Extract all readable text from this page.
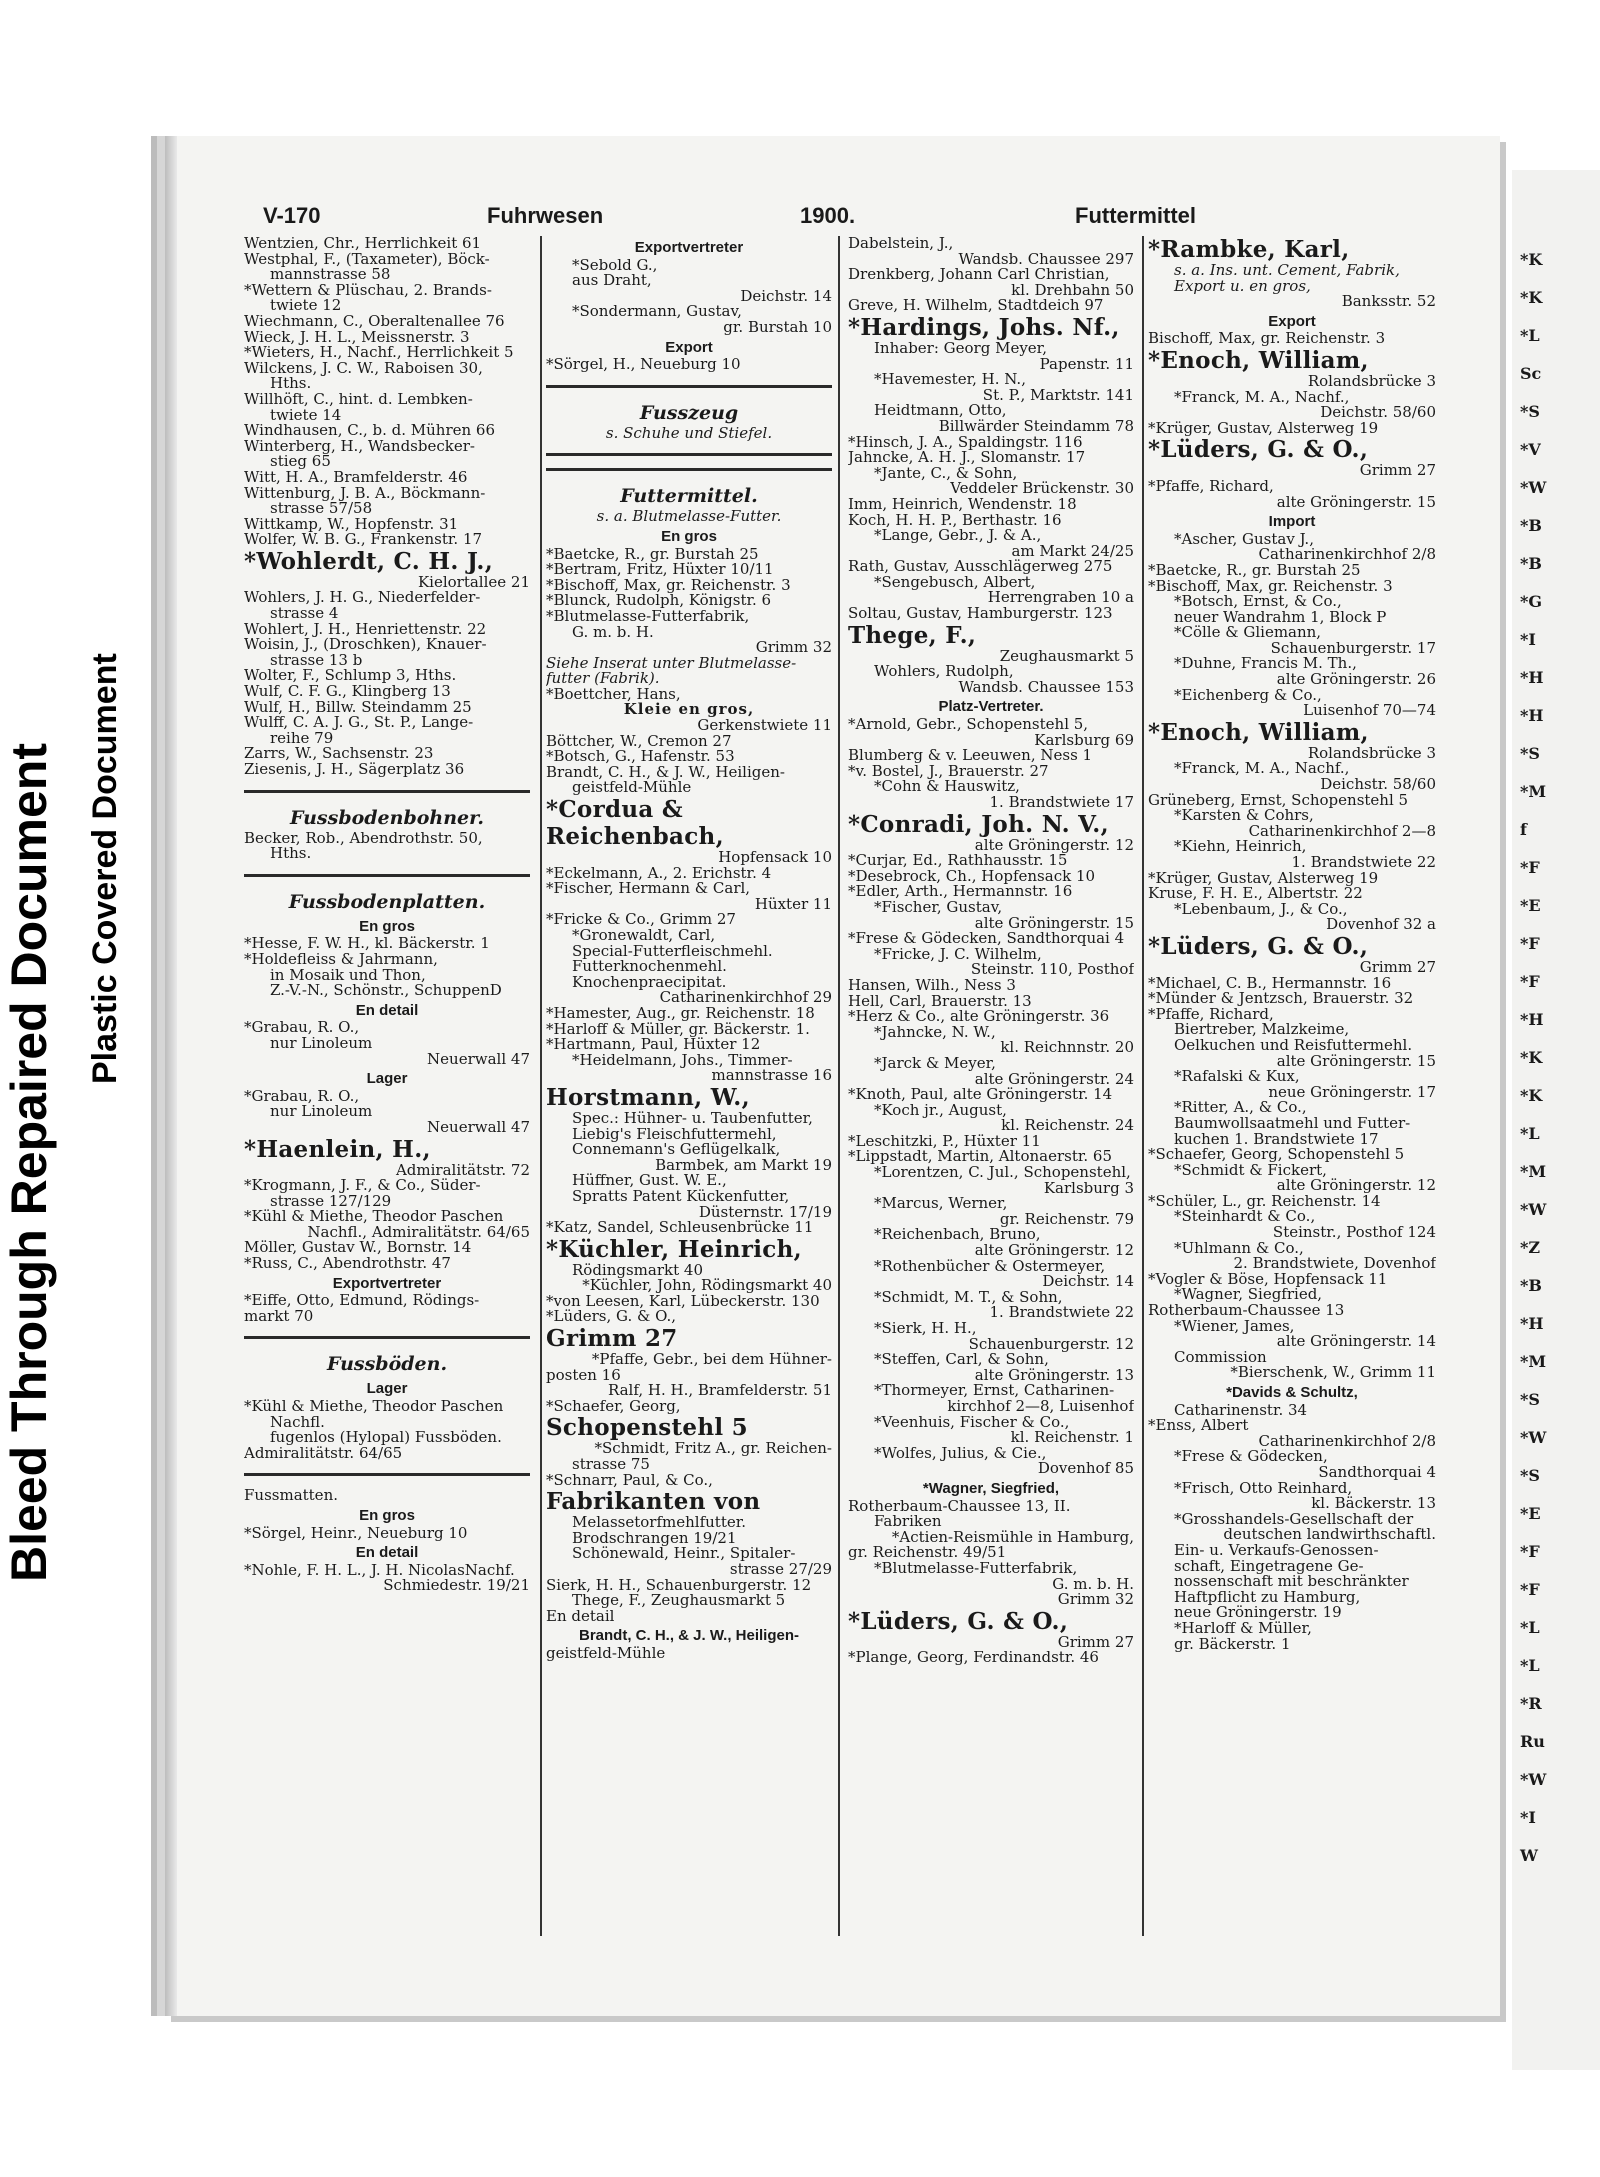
Bleed Through Repaired Document Plastic Covered Document
*K
*K
*L
Sc
*S
*V
*W
*B
*B
*G
*I
*H
*H
*S
*M
f
*F
*E
*F
*F
*H
*K
*K
*L
*M
*W
*Z
*B
*H
*M
*S
*W
*S
*E
*F
*F
*L
*L
*R
Ru
*W
*I
W
V-170	Fuhrwesen	1900.	Futtermittel
Wentzien, Chr., Herrlichkeit 61
Westphal, F., (Taxameter), Böck-
mannstrasse 58
*Wettern & Plüschau, 2. Brands-
twiete 12
Wiechmann, C., Oberaltenallee 76
Wieck, J. H. L., Meissnerstr. 3
*Wieters, H., Nachf., Herrlichkeit 5
Wilckens, J. C. W., Raboisen 30,
Hths.
Willhöft, C., hint. d. Lembken-
twiete 14
Windhausen, C., b. d. Mühren 66
Winterberg, H., Wandsbecker-
stieg 65
Witt, H. A., Bramfelderstr. 46
Wittenburg, J. B. A., Böckmann-
strasse 57/58
Wittkamp, W., Hopfenstr. 31
Wolfer, W. B. G., Frankenstr. 17
*Wohlerdt, C. H. J.,
Kielortallee 21
Wohlers, J. H. G., Niederfelder-
strasse 4
Wohlert, J. H., Henriettenstr. 22
Woisin, J., (Droschken), Knauer-
strasse 13 b
Wolter, F., Schlump 3, Hths.
Wulf, C. F. G., Klingberg 13
Wulf, H., Billw. Steindamm 25
Wulff, C. A. J. G., St. P., Lange-
reihe 79
Zarrs, W., Sachsenstr. 23
Ziesenis, J. H., Sägerplatz 36
Fussbodenbohner.
Becker, Rob., Abendrothstr. 50,
Hths.
Fussbodenplatten.
En gros
*Hesse, F. W. H., kl. Bäckerstr. 1
*Holdefleiss & Jahrmann,
in Mosaik und Thon,
Z.-V.-N., Schönstr., SchuppenD
En detail
*Grabau, R. O.,
nur Linoleum
Neuerwall 47
Lager
*Grabau, R. O.,
nur Linoleum
Neuerwall 47
*Haenlein, H.,
Admiralitätstr. 72
*Krogmann, J. F., & Co., Süder-
strasse 127/129
*Kühl & Miethe, Theodor Paschen
Nachfl., Admiralitätstr. 64/65
Möller, Gustav W., Bornstr. 14
*Russ, C., Abendrothstr. 47
Exportvertreter
*Eiffe, Otto, Edmund, Rödings-
markt 70
Fussböden.
Lager
*Kühl & Miethe, Theodor Paschen
Nachfl.
fugenlos (Hylopal) Fussböden.
Admiralitätstr. 64/65
Fussmatten.
En gros
*Sörgel, Heinr., Neueburg 10
En detail
*Nohle, F. H. L., J. H. NicolasNachf.
Schmiedestr. 19/21
Exportvertreter
*Sebold G.,
aus Draht,
Deichstr. 14
*Sondermann, Gustav,
gr. Burstah 10
Export
*Sörgel, H., Neueburg 10
Fusszeug
s. Schuhe und Stiefel.
Futtermittel.
s. a. Blutmelasse-Futter.
En gros
*Baetcke, R., gr. Burstah 25
*Bertram, Fritz, Hüxter 10/11
*Bischoff, Max, gr. Reichenstr. 3
*Blunck, Rudolph, Königstr. 6
*Blutmelasse-Futterfabrik,
G. m. b. H.
Grimm 32
Siehe Inserat unter Blutmelasse-
futter (Fabrik).
*Boettcher, Hans,
Kleie en gros,
Gerkenstwiete 11
Böttcher, W., Cremon 27
*Botsch, G., Hafenstr. 53
Brandt, C. H., & J. W., Heiligen-
geistfeld-Mühle
*Cordua &
Reichenbach,
Hopfensack 10
*Eckelmann, A., 2. Erichstr. 4
*Fischer, Hermann & Carl,
Hüxter 11
*Fricke & Co., Grimm 27
*Gronewaldt, Carl,
Special-Futterfleischmehl.
Futterknochenmehl.
Knochenpraecipitat.
Catharinenkirchhof 29
*Hamester, Aug., gr. Reichenstr. 18
*Harloff & Müller, gr. Bäckerstr. 1.
*Hartmann, Paul, Hüxter 12
*Heidelmann, Johs., Timmer-
mannstrasse 16
Horstmann, W.,
Spec.: Hühner- u. Taubenfutter,
Liebig's Fleischfuttermehl,
Connemann's Geflügelkalk,
Barmbek, am Markt 19
Hüffner, Gust. W. E.,
Spratts Patent Kückenfutter,
Düsternstr. 17/19
*Katz, Sandel, Schleusenbrücke 11
*Küchler, Heinrich,
Rödingsmarkt 40
*Küchler, John, Rödingsmarkt 40
*von Leesen, Karl, Lübeckerstr. 130
*Lüders, G. & O.,
Grimm 27
*Pfaffe, Gebr., bei dem Hühner-
posten 16
Ralf, H. H., Bramfelderstr. 51
*Schaefer, Georg,
Schopenstehl 5
*Schmidt, Fritz A., gr. Reichen-
strasse 75
*Schnarr, Paul, & Co.,
Fabrikanten von
Melassetorfmehlfutter.
Brodschrangen 19/21
Schönewald, Heinr., Spitaler-
strasse 27/29
Sierk, H. H., Schauenburgerstr. 12
Thege, F., Zeughausmarkt 5
En detail
Brandt, C. H., & J. W., Heiligen-
geistfeld-Mühle
Dabelstein, J.,
Wandsb. Chaussee 297
Drenkberg, Johann Carl Christian,
kl. Drehbahn 50
Greve, H. Wilhelm, Stadtdeich 97
*Hardings, Johs. Nf.,
Inhaber: Georg Meyer,
Papenstr. 11
*Havemester, H. N.,
St. P., Marktstr. 141
Heidtmann, Otto,
Billwärder Steindamm 78
*Hinsch, J. A., Spaldingstr. 116
Jahncke, A. H. J., Slomanstr. 17
*Jante, C., & Sohn,
Veddeler Brückenstr. 30
Imm, Heinrich, Wendenstr. 18
Koch, H. H. P., Berthastr. 16
*Lange, Gebr., J. & A.,
am Markt 24/25
Rath, Gustav, Ausschlägerweg 275
*Sengebusch, Albert,
Herrengraben 10 a
Soltau, Gustav, Hamburgerstr. 123
Thege, F.,
Zeughausmarkt 5
Wohlers, Rudolph,
Wandsb. Chaussee 153
Platz-Vertreter.
*Arnold, Gebr., Schopenstehl 5,
Karlsburg 69
Blumberg & v. Leeuwen, Ness 1
*v. Bostel, J., Brauerstr. 27
*Cohn & Hauswitz,
1. Brandstwiete 17
*Conradi, Joh. N. V.,
alte Gröningerstr. 12
*Curjar, Ed., Rathhausstr. 15
*Desebrock, Ch., Hopfensack 10
*Edler, Arth., Hermannstr. 16
*Fischer, Gustav,
alte Gröningerstr. 15
*Frese & Gödecken, Sandthorquai 4
*Fricke, J. C. Wilhelm,
Steinstr. 110, Posthof
Hansen, Wilh., Ness 3
Hell, Carl, Brauerstr. 13
*Herz & Co., alte Gröningerstr. 36
*Jahncke, N. W.,
kl. Reichnnstr. 20
*Jarck & Meyer,
alte Gröningerstr. 24
*Knoth, Paul, alte Gröningerstr. 14
*Koch jr., August,
kl. Reichenstr. 24
*Leschitzki, P., Hüxter 11
*Lippstadt, Martin, Altonaerstr. 65
*Lorentzen, C. Jul., Schopenstehl,
Karlsburg 3
*Marcus, Werner,
gr. Reichenstr. 79
*Reichenbach, Bruno,
alte Gröningerstr. 12
*Rothenbücher & Ostermeyer,
Deichstr. 14
*Schmidt, M. T., & Sohn,
1. Brandstwiete 22
*Sierk, H. H.,
Schauenburgerstr. 12
*Steffen, Carl, & Sohn,
alte Gröningerstr. 13
*Thormeyer, Ernst, Catharinen-
kirchhof 2—8, Luisenhof
*Veenhuis, Fischer & Co.,
kl. Reichenstr. 1
*Wolfes, Julius, & Cie.,
Dovenhof 85
*Wagner, Siegfried,
Rotherbaum-Chaussee 13, II.
Fabriken
*Actien-Reismühle in Hamburg,
gr. Reichenstr. 49/51
*Blutmelasse-Futterfabrik,
G. m. b. H.
Grimm 32
*Lüders, G. & O.,
Grimm 27
*Plange, Georg, Ferdinandstr. 46
*Rambke, Karl,
s. a. Ins. unt. Cement, Fabrik,
Export u. en gros,
Banksstr. 52
Export
Bischoff, Max, gr. Reichenstr. 3
*Enoch, William,
Rolandsbrücke 3
*Franck, M. A., Nachf.,
Deichstr. 58/60
*Krüger, Gustav, Alsterweg 19
*Lüders, G. & O.,
Grimm 27
*Pfaffe, Richard,
alte Gröningerstr. 15
Import
*Ascher, Gustav J.,
Catharinenkirchhof 2/8
*Baetcke, R., gr. Burstah 25
*Bischoff, Max, gr. Reichenstr. 3
*Botsch, Ernst, & Co.,
neuer Wandrahm 1, Block P
*Cölle & Gliemann,
Schauenburgerstr. 17
*Duhne, Francis M. Th.,
alte Gröningerstr. 26
*Eichenberg & Co.,
Luisenhof 70—74
*Enoch, William,
Rolandsbrücke 3
*Franck, M. A., Nachf.,
Deichstr. 58/60
Grüneberg, Ernst, Schopenstehl 5
*Karsten & Cohrs,
Catharinenkirchhof 2—8
*Kiehn, Heinrich,
1. Brandstwiete 22
*Krüger, Gustav, Alsterweg 19
Kruse, F. H. E., Albertstr. 22
*Lebenbaum, J., & Co.,
Dovenhof 32 a
*Lüders, G. & O.,
Grimm 27
*Michael, C. B., Hermannstr. 16
*Münder & Jentzsch, Brauerstr. 32
*Pfaffe, Richard,
Biertreber, Malzkeime,
Oelkuchen und Reisfuttermehl.
alte Gröningerstr. 15
*Rafalski & Kux,
neue Gröningerstr. 17
*Ritter, A., & Co.,
Baumwollsaatmehl und Futter-
kuchen 1. Brandstwiete 17
*Schaefer, Georg, Schopenstehl 5
*Schmidt & Fickert,
alte Gröningerstr. 12
*Schüler, L., gr. Reichenstr. 14
*Steinhardt & Co.,
Steinstr., Posthof 124
*Uhlmann & Co.,
2. Brandstwiete, Dovenhof
*Vogler & Böse, Hopfensack 11
*Wagner, Siegfried,
Rotherbaum-Chaussee 13
*Wiener, James,
alte Gröningerstr. 14
Commission
*Bierschenk, W., Grimm 11
*Davids & Schultz,
Catharinenstr. 34
*Enss, Albert
Catharinenkirchhof 2/8
*Frese & Gödecken,
Sandthorquai 4
*Frisch, Otto Reinhard,
kl. Bäckerstr. 13
*Grosshandels-Gesellschaft der
deutschen landwirthschaftl.
Ein- u. Verkaufs-Genossen-
schaft, Eingetragene Ge-
nossenschaft mit beschränkter
Haftpflicht zu Hamburg,
neue Gröningerstr. 19
*Harloff & Müller,
gr. Bäckerstr. 1
